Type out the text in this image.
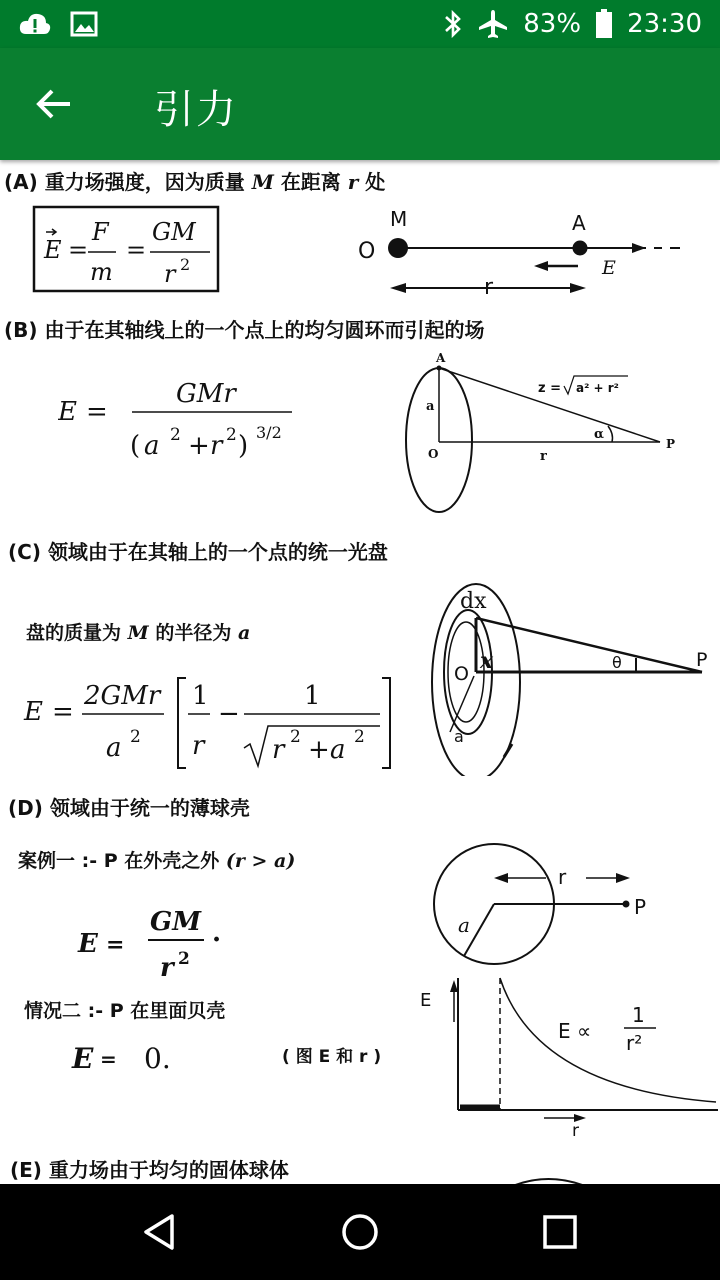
83% 23:30
引力
(A) 重力场强度，因为质量 M 在距离 r 处
E =
F
m
=
GM
r 2
M	A
O
E
r
(B) 由于在其轴线上的一个点上的均匀圆环而引起的场
E =
GMr
( a 2 + r 2 ) 3/2
A
a
O	r
α
P
z = a² + r²
(C) 领域由于在其轴上的一个点的统一光盘
盘的质量为 M 的半径为 a
E =
2GMr
a 2
1
r
−
1
r 2 + a 2
dx
O x	θ	P
a
(D) 领域由于统一的薄球壳
案例一 :- P 在外壳之外 (r > a)
E =
GM
r 2
·
情况二 :- P 在里面贝壳
E = 0.	( 图 E 和 r )
r
P
a
E
r
E ∝
1
r²
(E) 重力场由于均匀的固体球体
